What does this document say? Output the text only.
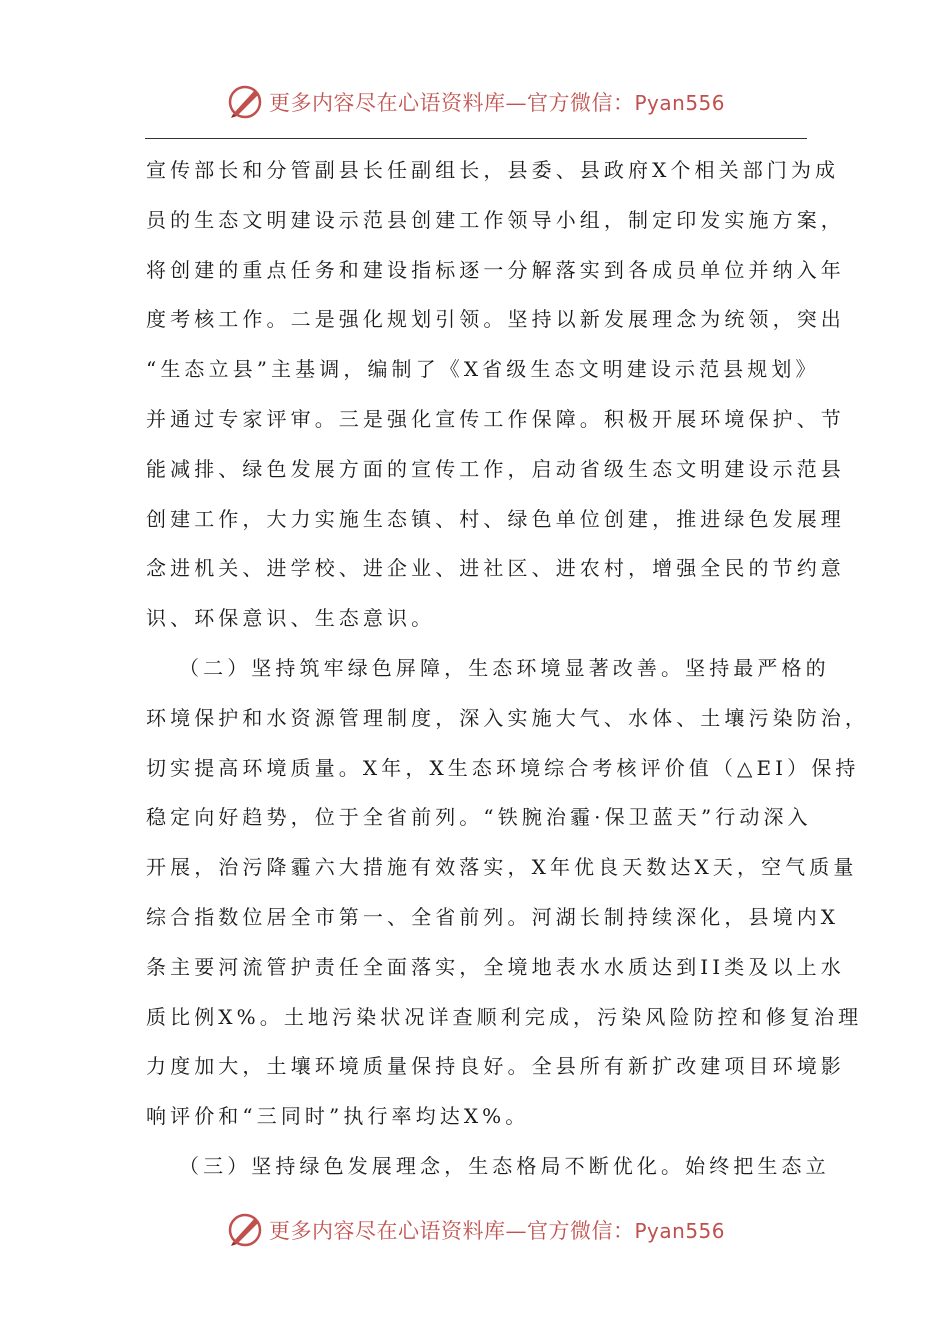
更多内容尽在心语资料库—官方微信：Pyan556
宣传部长和分管副县长任副组长，县委、县政府X个相关部门为成
员的生态文明建设示范县创建工作领导小组，制定印发实施方案，
将创建的重点任务和建设指标逐一分解落实到各成员单位并纳入年
度考核工作。二是强化规划引领。坚持以新发展理念为统领，突出
“生态立县”主基调，编制了《X省级生态文明建设示范县规划》
并通过专家评审。三是强化宣传工作保障。积极开展环境保护、节
能减排、绿色发展方面的宣传工作，启动省级生态文明建设示范县
创建工作，大力实施生态镇、村、绿色单位创建，推进绿色发展理
念进机关、进学校、进企业、进社区、进农村，增强全民的节约意
识、环保意识、生态意识。
（二）坚持筑牢绿色屏障，生态环境显著改善。坚持最严格的
环境保护和水资源管理制度，深入实施大气、水体、土壤污染防治，
切实提高环境质量。X年，X生态环境综合考核评价值（△EI）保持
稳定向好趋势，位于全省前列。“铁腕治霾·保卫蓝天”行动深入
开展，治污降霾六大措施有效落实，X年优良天数达X天，空气质量
综合指数位居全市第一、全省前列。河湖长制持续深化，县境内X
条主要河流管护责任全面落实，全境地表水水质达到II类及以上水
质比例X%。土地污染状况详查顺利完成，污染风险防控和修复治理
力度加大，土壤环境质量保持良好。全县所有新扩改建项目环境影
响评价和“三同时”执行率均达X%。
（三）坚持绿色发展理念，生态格局不断优化。始终把生态立
更多内容尽在心语资料库—官方微信：Pyan556
